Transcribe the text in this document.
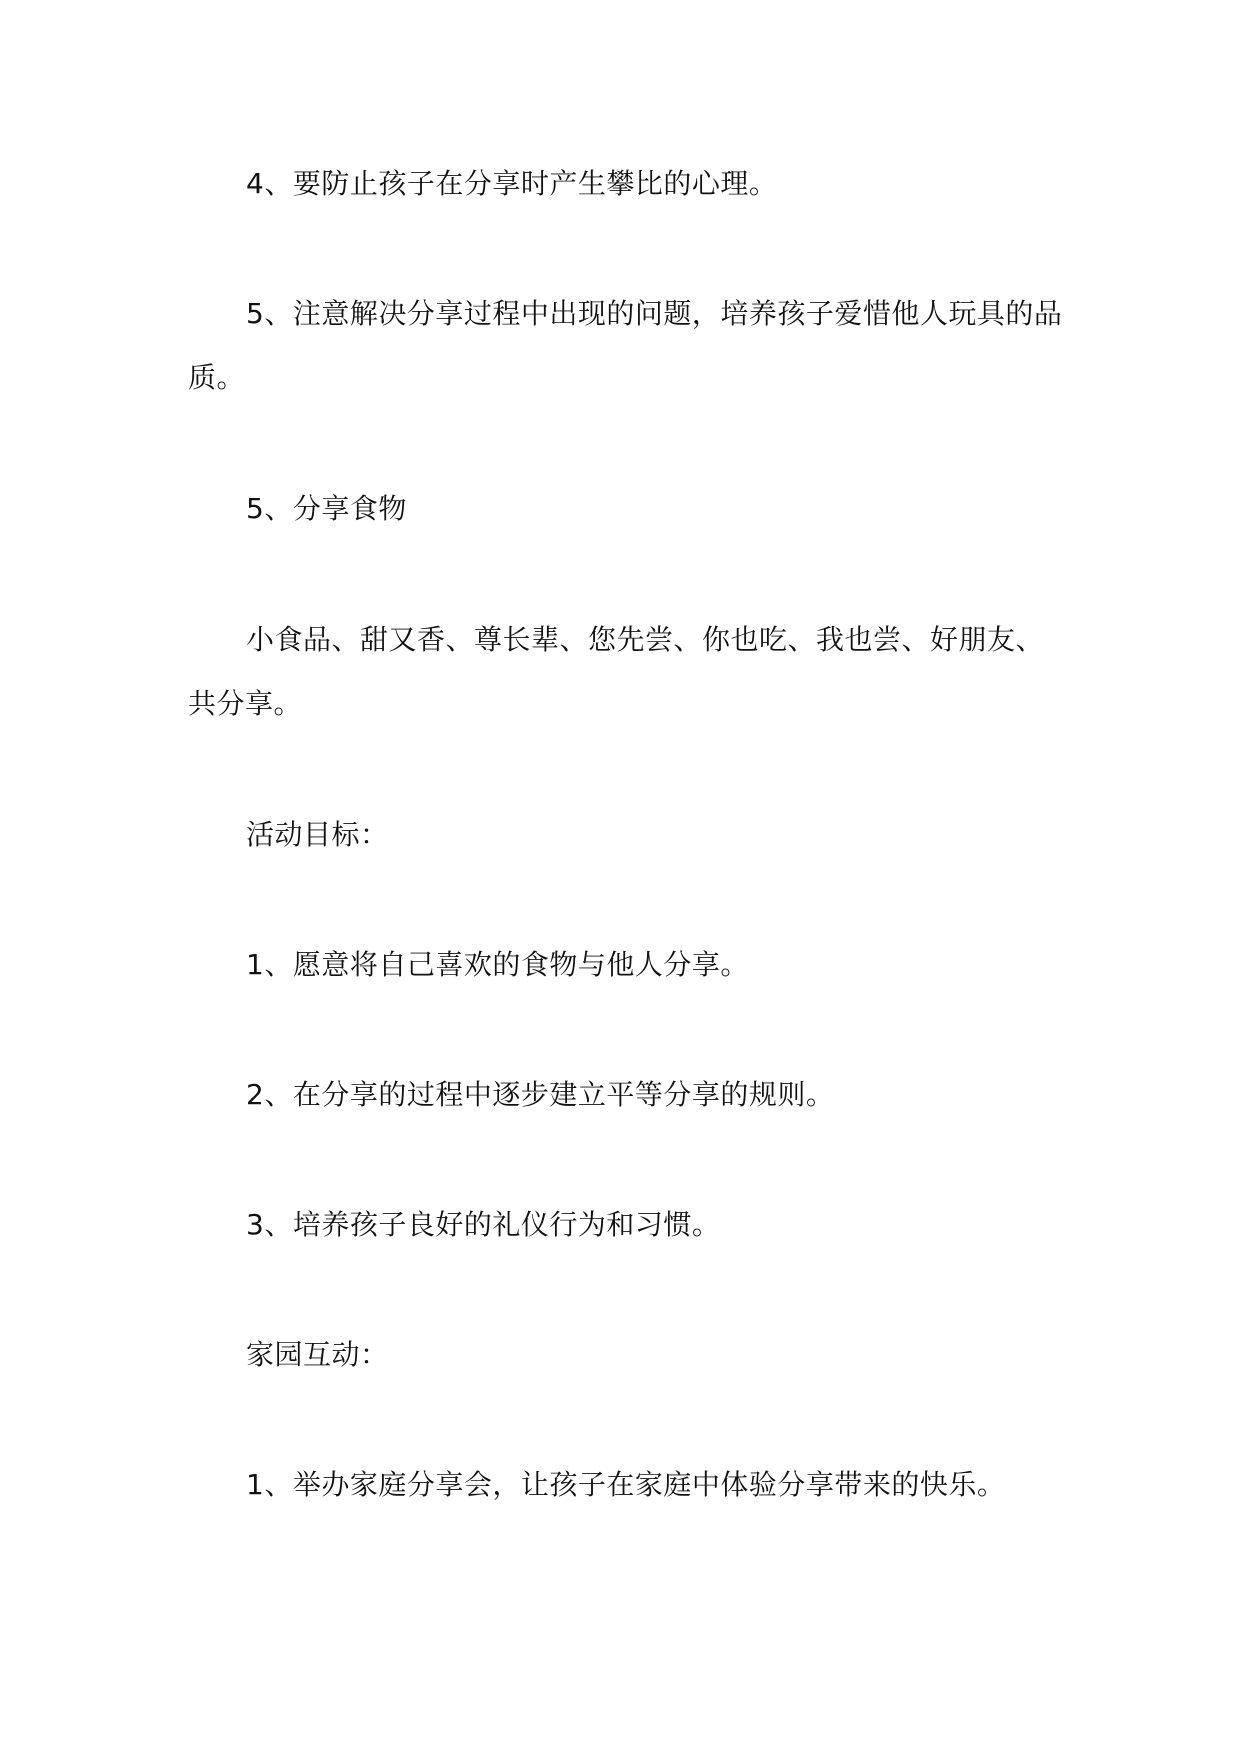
4、要防止孩子在分享时产生攀比的心理。

5、注意解决分享过程中出现的问题，培养孩子爱惜他人玩具的品质。

5、分享食物

小食品、甜又香、尊长辈、您先尝、你也吃、我也尝、好朋友、共分享。

活动目标：

1、愿意将自己喜欢的食物与他人分享。

2、在分享的过程中逐步建立平等分享的规则。

3、培养孩子良好的礼仪行为和习惯。

家园互动：

1、举办家庭分享会，让孩子在家庭中体验分享带来的快乐。
